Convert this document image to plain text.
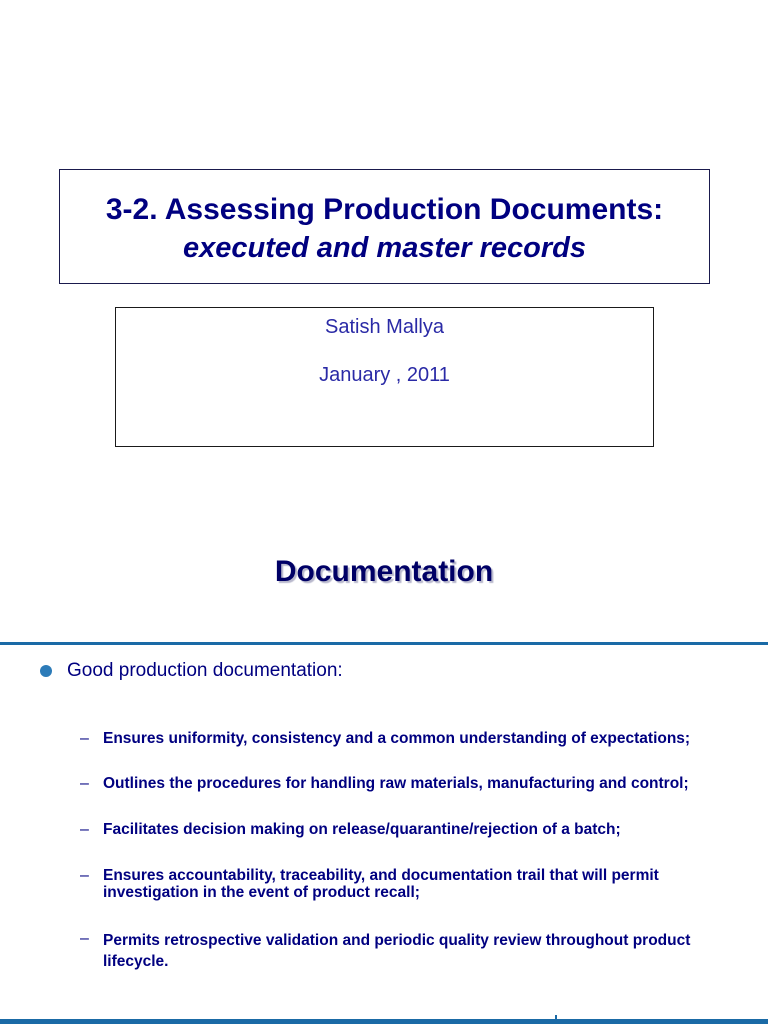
3-2. Assessing Production Documents:
executed and master records
Satish Mallya
January , 2011
Documentation
Good production documentation:
– Ensures uniformity, consistency and a common understanding of expectations;
– Outlines the procedures for handling raw materials, manufacturing and control;
– Facilitates decision making on release/quarantine/rejection of a batch;
– Ensures accountability, traceability, and documentation trail that will permit investigation in the event of product recall;
– Permits retrospective validation and periodic quality review throughout product lifecycle.
